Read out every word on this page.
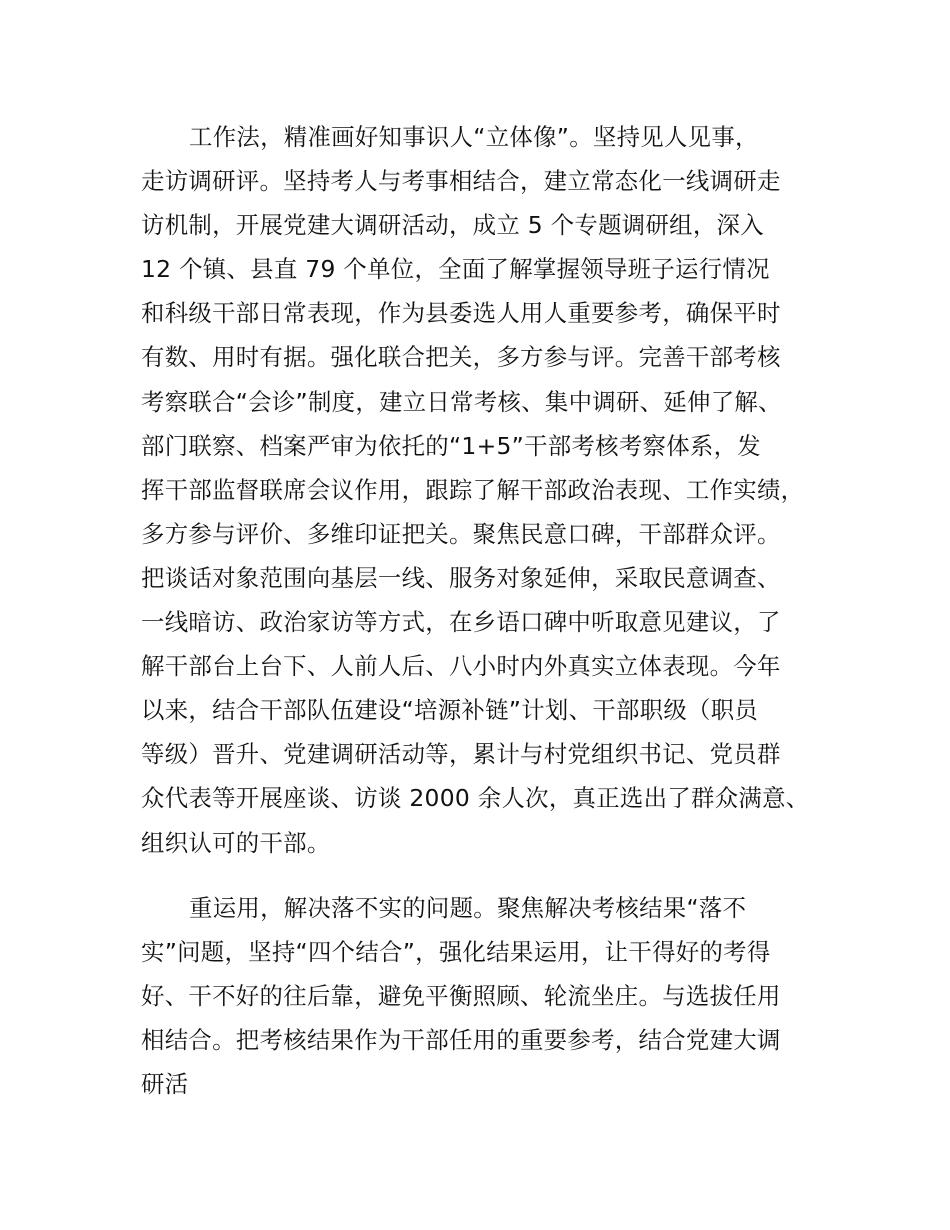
工作法，精准画好知事识人“立体像”。坚持见人见事，
走访调研评。坚持考人与考事相结合，建立常态化一线调研走
访机制，开展党建大调研活动，成立 5 个专题调研组，深入
12 个镇、县直 79 个单位，全面了解掌握领导班子运行情况
和科级干部日常表现，作为县委选人用人重要参考，确保平时
有数、用时有据。强化联合把关，多方参与评。完善干部考核
考察联合“会诊”制度，建立日常考核、集中调研、延伸了解、
部门联察、档案严审为依托的“1+5”干部考核考察体系，发
挥干部监督联席会议作用，跟踪了解干部政治表现、工作实绩，
多方参与评价、多维印证把关。聚焦民意口碑，干部群众评。
把谈话对象范围向基层一线、服务对象延伸，采取民意调查、
一线暗访、政治家访等方式，在乡语口碑中听取意见建议，了
解干部台上台下、人前人后、八小时内外真实立体表现。今年
以来，结合干部队伍建设“培源补链”计划、干部职级（职员
等级）晋升、党建调研活动等，累计与村党组织书记、党员群
众代表等开展座谈、访谈 2000 余人次，真正选出了群众满意、
组织认可的干部。
重运用，解决落不实的问题。聚焦解决考核结果“落不
实”问题，坚持“四个结合”，强化结果运用，让干得好的考得
好、干不好的往后靠，避免平衡照顾、轮流坐庄。与选拔任用
相结合。把考核结果作为干部任用的重要参考，结合党建大调
研活
